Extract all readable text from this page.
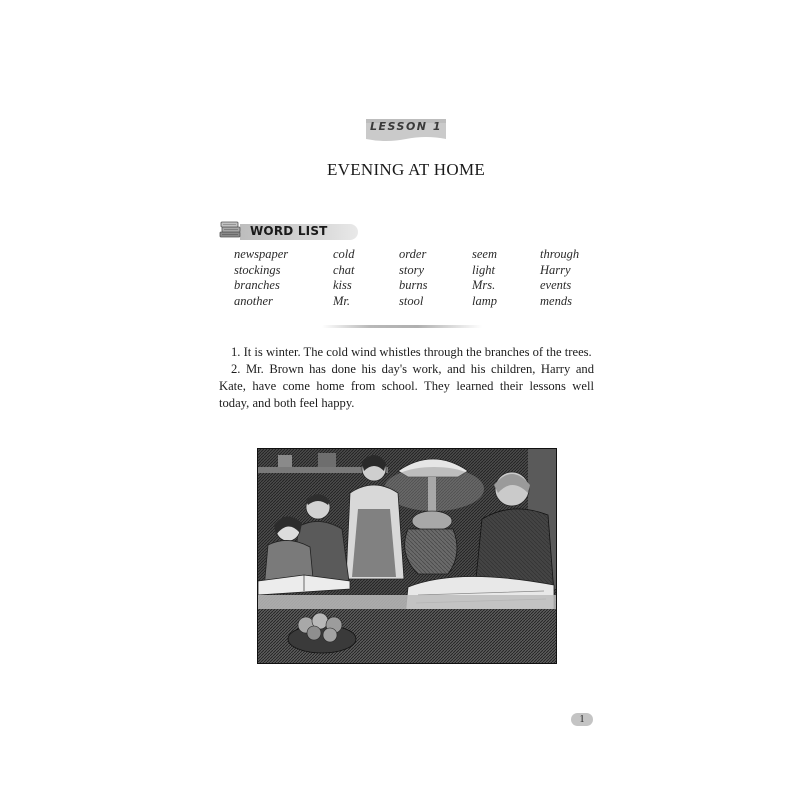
LESSON 1
EVENING AT HOME
WORD LIST
newspaper	cold	order	seem	through
stockings	chat	story	light	Harry
branches	kiss	burns	Mrs.	events
another	Mr.	stool	lamp	mends

1. It is winter. The cold wind whistles through the branches of the trees.

2. Mr. Brown has done his day's work, and his children, Harry and Kate, have come home from school. They learned their lessons well today, and both feel happy.

1
